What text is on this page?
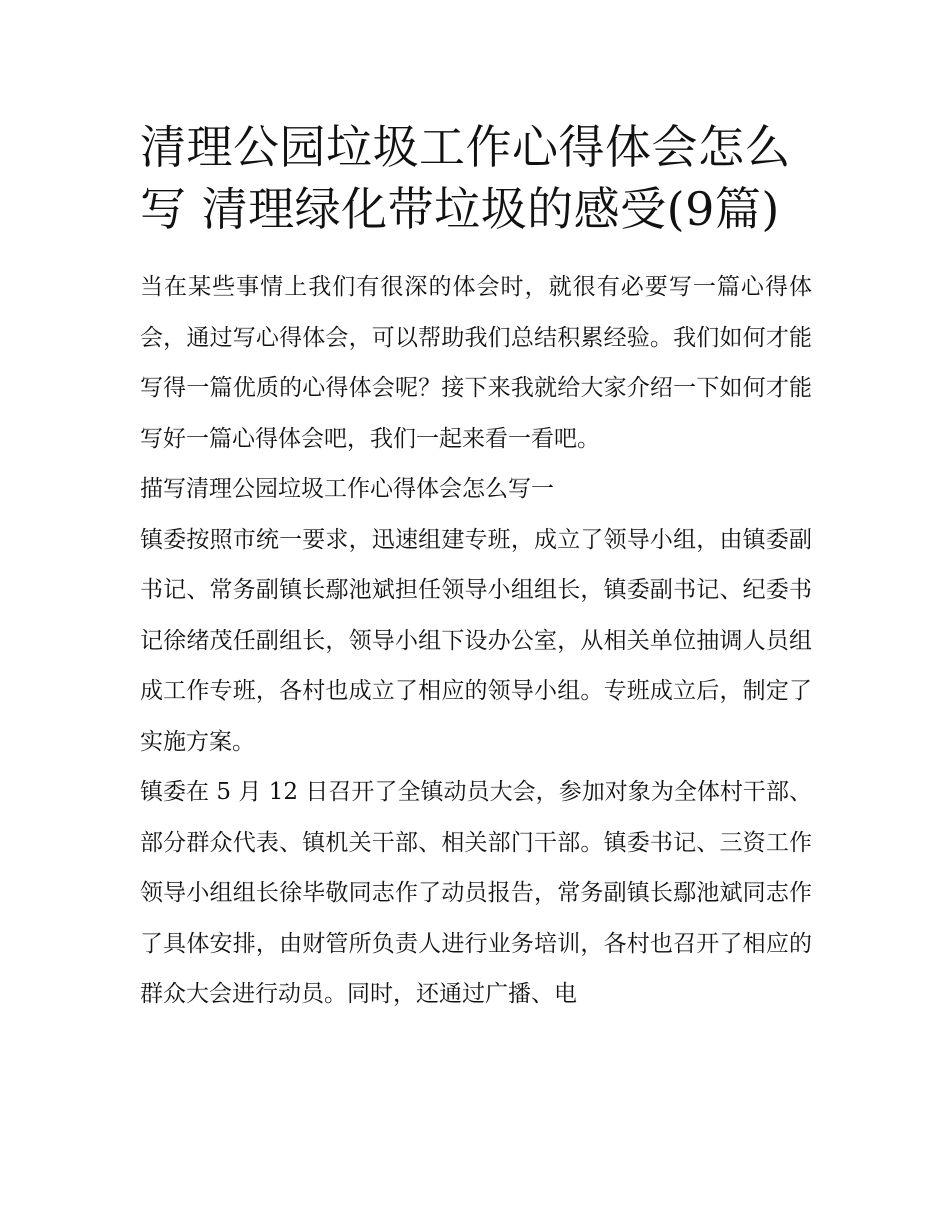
清理公园垃圾工作心得体会怎么写 清理绿化带垃圾的感受(9篇)

当在某些事情上我们有很深的体会时，就很有必要写一篇心得体会，通过写心得体会，可以帮助我们总结积累经验。我们如何才能写得一篇优质的心得体会呢？接下来我就给大家介绍一下如何才能写好一篇心得体会吧，我们一起来看一看吧。

描写清理公园垃圾工作心得体会怎么写一

镇委按照市统一要求，迅速组建专班，成立了领导小组，由镇委副书记、常务副镇长鄢池斌担任领导小组组长，镇委副书记、纪委书记徐绪茂任副组长，领导小组下设办公室，从相关单位抽调人员组成工作专班，各村也成立了相应的领导小组。专班成立后，制定了实施方案。

镇委在 5 月 12 日召开了全镇动员大会，参加对象为全体村干部、部分群众代表、镇机关干部、相关部门干部。镇委书记、三资工作领导小组组长徐毕敬同志作了动员报告，常务副镇长鄢池斌同志作了具体安排，由财管所负责人进行业务培训，各村也召开了相应的群众大会进行动员。同时，还通过广播、电
